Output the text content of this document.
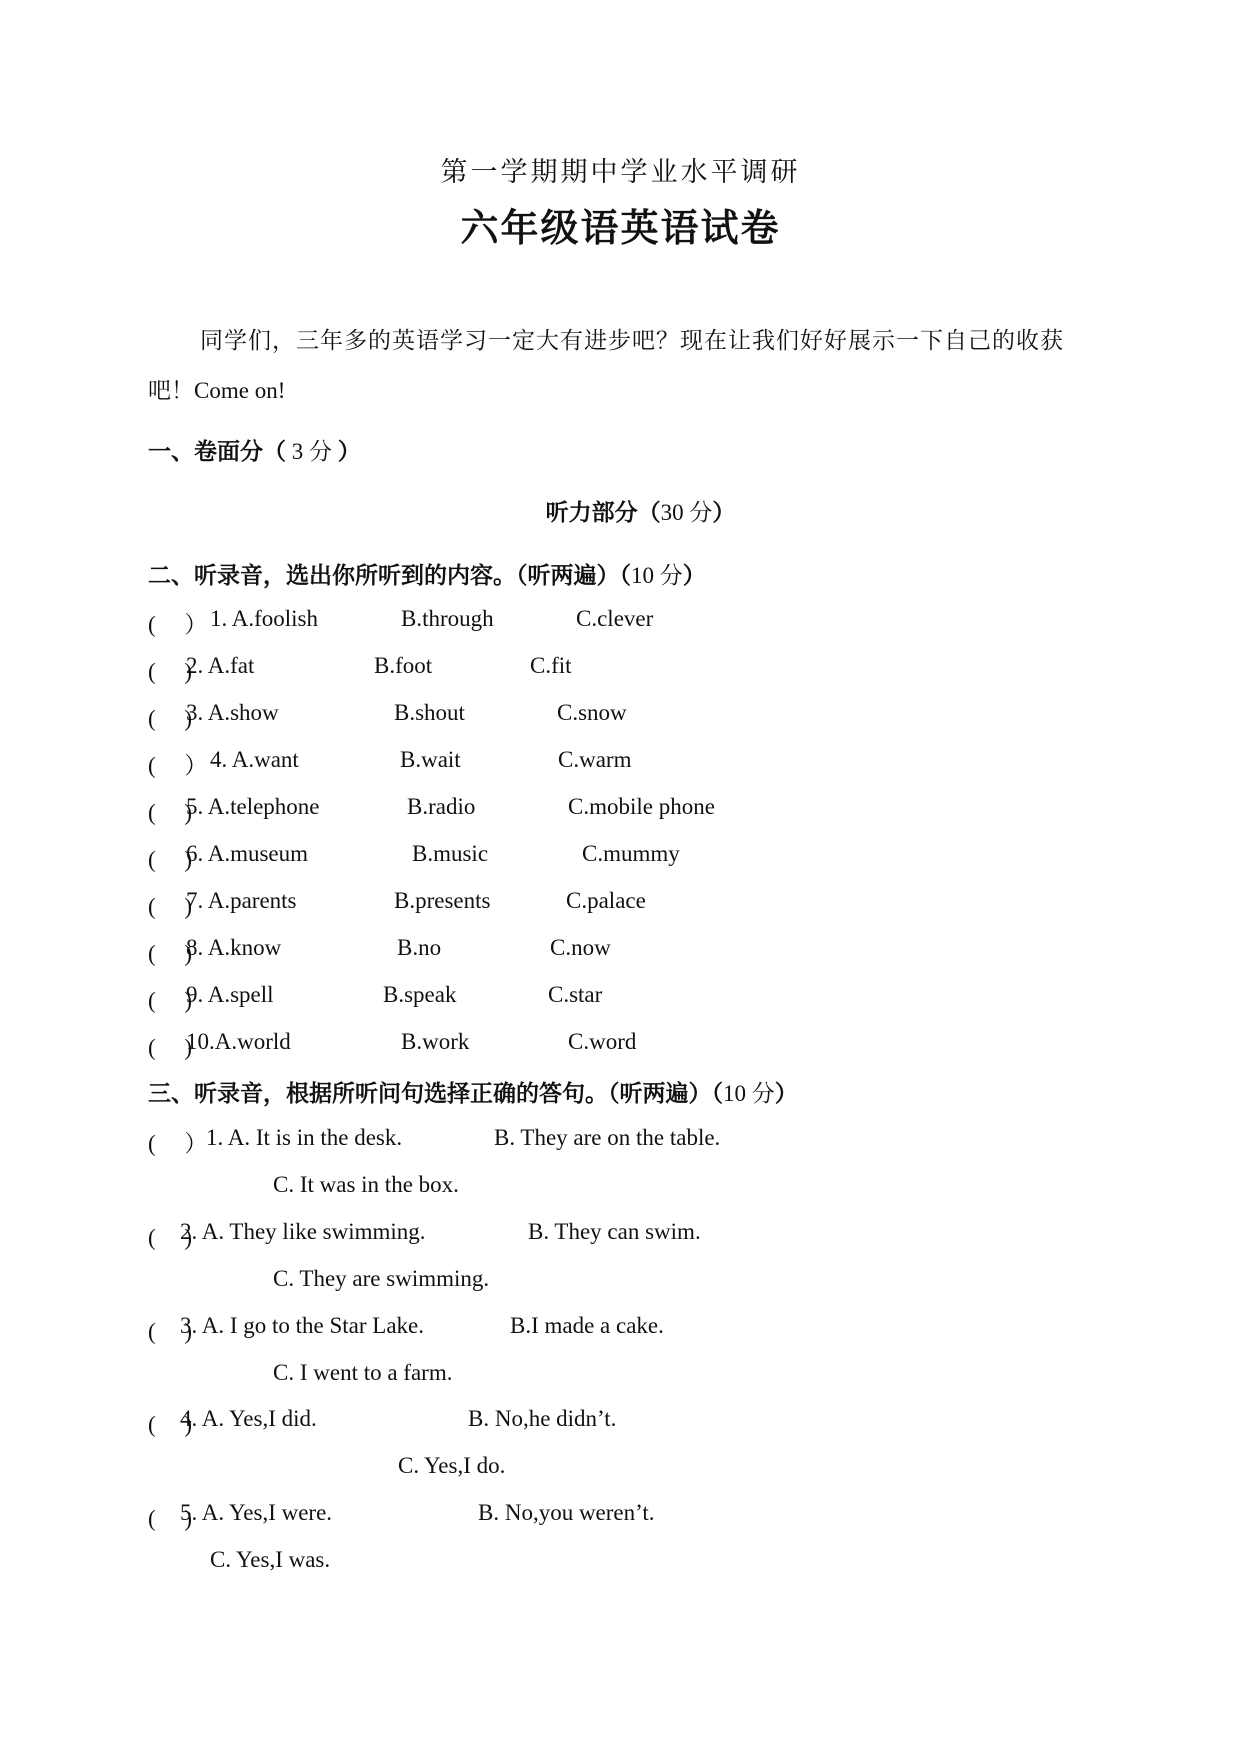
第一学期期中学业水平调研
六年级语英语试卷
同学们，三年多的英语学习一定大有进步吧？现在让我们好好展示一下自己的收获
吧！Come on!
一、卷面分（ 3 分 ）
听力部分（30 分）
二、听录音，选出你所听到的内容。（听两遍）（10 分）
(　 ） 1. A.foolish	B.through	C.clever
(　 )
2. A.fat	B.foot	C.fit
(　 )
3. A.show	B.shout	C.snow
(　 ） 4. A.want	B.wait	C.warm
(　 )
5. A.telephone	B.radio	C.mobile phone
(　 )
6. A.museum	B.music	C.mummy
(　 )
7. A.parents	B.presents	C.palace
(　 )
8. A.know	B.no	C.now
(　 )
9. A.spell	B.speak	C.star
(　 )
10.A.world	B.work	C.word
三、听录音，根据所听问句选择正确的答句。（听两遍）（10 分）
(　 ）
1. A. It is in the desk.	B. They are on the table.
C. It was in the box.
(　 )
2. A. They like swimming.	B. They can swim.
C. They are swimming.
(　 )
3. A. I go to the Star Lake.	B.I made a cake.
C. I went to a farm.
(　 )
4. A. Yes,I did.	B. No,he didn’t.
C. Yes,I do.
(　 )
5. A. Yes,I were.	B. No,you weren’t.
C. Yes,I was.
